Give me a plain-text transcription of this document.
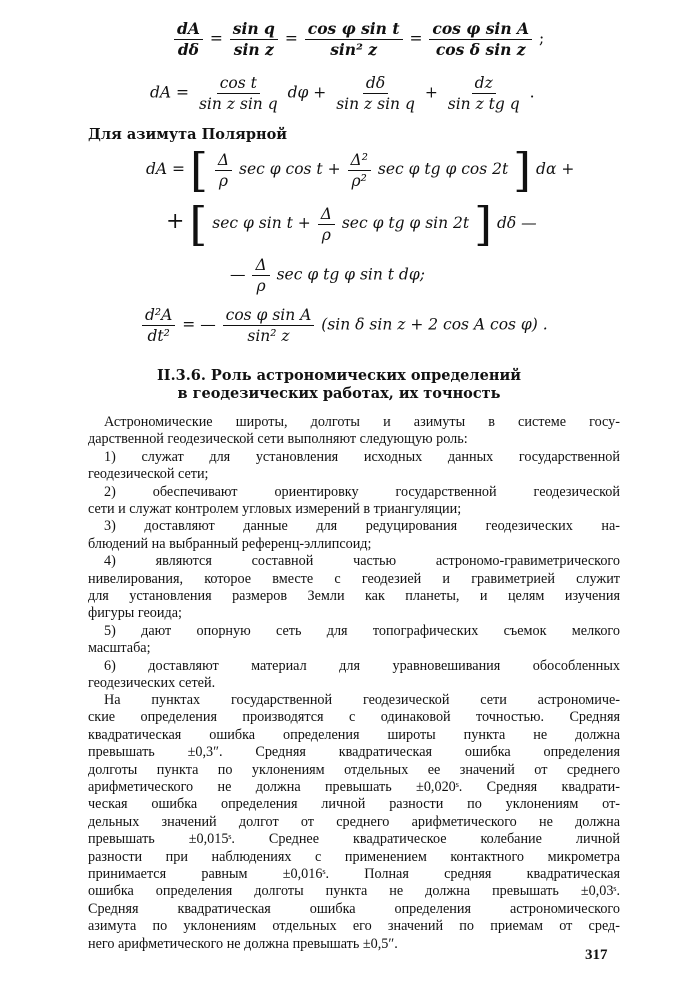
$\frac{dA}{d\delta} = \frac{\text{sin q}}{\text{sin z}} = \frac{\text{cos φ sin t}}{\text{sin² z}} = \frac{\text{cos φ sin A}}{\text{cos δ sin z}}$ ;
dA = $\frac{\text{cos t}}{\text{sin z sin q}}$ $d\varphi + \frac{d\delta}{\text{sin z sin q}} + \frac{dz}{\text{sin z tg q}}$ .
Для азимута Полярной
dA = [ $\frac{\Delta}{\rho}$ sec φ $\cos t + \frac{\text{Δ²}}{\text{ρ²}}$ sec φ tg φ cos 2t ] dα +
+ [ sec φ $\sin t + \frac{\Delta}{\rho}$ sec φ tg φ sin 2t ] dδ —
— $\frac{\Delta}{\rho}$ sec φ tg φ sin t dφ;
$\frac{\text{d²A}}{\text{dt²}}$ = — $\frac{\text{cos φ sin A}}{\text{sin² z}} (\sin$ δ sin z + 2 cos A cos φ) .
II.3.6. Роль астрономических определений
в геодезических работах, их точность
Астрономические широты, долготы и азимуты в системе госу-
дарственной геодезической сети выполняют следующую роль:
1) служат для установления исходных данных государственной
геодезической сети;
2) обеспечивают ориентировку государственной геодезической
сети и служат контролем угловых измерений в триангуляции;
3) доставляют данные для редуцирования геодезических на-
блюдений на выбранный референц-эллипсоид;
4) являются составной частью астрономо-гравиметрического
нивелирования, которое вместе с геодезией и гравиметрией служит
для установления размеров Земли как планеты, и целям изучения
фигуры геоида;
5) дают опорную сеть для топографических съемок мелкого
масштаба;
6) доставляют материал для уравновешивания обособленных
геодезических сетей.
На пунктах государственной геодезической сети астрономиче-
ские определения производятся с одинаковой точностью. Средняя
квадратическая ошибка определения широты пункта не должна
превышать ±0,3″. Средняя квадратическая ошибка определения
долготы пункта по уклонениям отдельных ее значений от среднего
арифметического не должна превышать ±0,020ˢ. Средняя квадрати-
ческая ошибка определения личной разности по уклонениям от-
дельных значений долгот от среднего арифметического не должна
превышать ±0,015ˢ. Среднее квадратическое колебание личной
разности при наблюдениях с применением контактного микрометра
принимается равным ±0,016ˢ. Полная средняя квадратическая
ошибка определения долготы пункта не должна превышать ±0,03ˢ.
Средняя квадратическая ошибка определения астрономического
азимута по уклонениям отдельных его значений по приемам от сред-
него арифметического не должна превышать ±0,5″.
317
